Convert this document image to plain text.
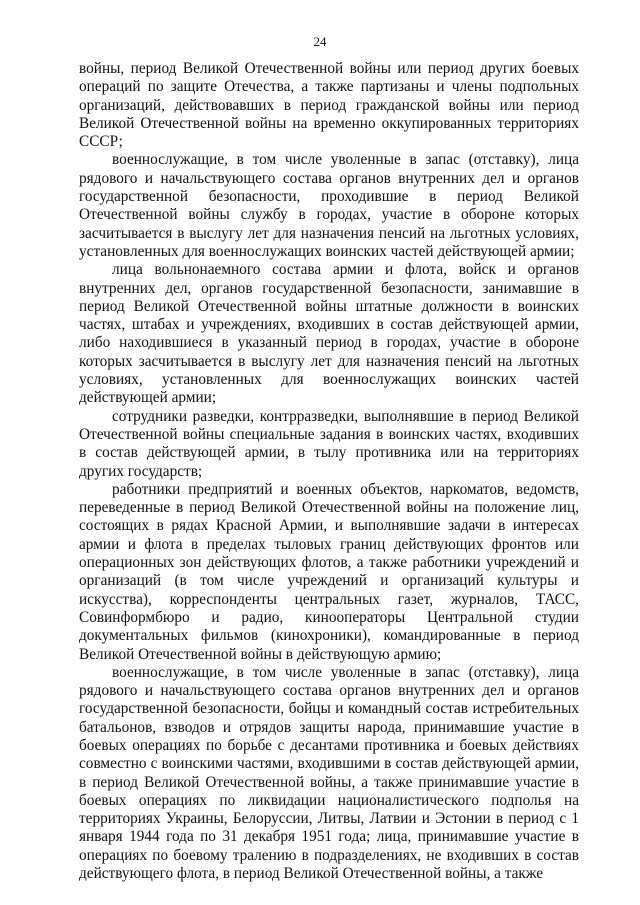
24

войны, период Великой Отечественной войны или период других боевых операций по защите Отечества, а также партизаны и члены подпольных организаций, действовавших в период гражданской войны или период Великой Отечественной войны на временно оккупированных территориях СССР;

военнослужащие, в том числе уволенные в запас (отставку), лица рядового и начальствующего состава органов внутренних дел и органов государственной безопасности, проходившие в период Великой Отечественной войны службу в городах, участие в обороне которых засчитывается в выслугу лет для назначения пенсий на льготных условиях, установленных для военнослужащих воинских частей действующей армии;

лица вольнонаемного состава армии и флота, войск и органов внутренних дел, органов государственной безопасности, занимавшие в период Великой Отечественной войны штатные должности в воинских частях, штабах и учреждениях, входивших в состав действующей армии, либо находившиеся в указанный период в городах, участие в обороне которых засчитывается в выслугу лет для назначения пенсий на льготных условиях, установленных для военнослужащих воинских частей действующей армии;

сотрудники разведки, контрразведки, выполнявшие в период Великой Отечественной войны специальные задания в воинских частях, входивших в состав действующей армии, в тылу противника или на территориях других государств;

работники предприятий и военных объектов, наркоматов, ведомств, переведенные в период Великой Отечественной войны на положение лиц, состоящих в рядах Красной Армии, и выполнявшие задачи в интересах армии и флота в пределах тыловых границ действующих фронтов или операционных зон действующих флотов, а также работники учреждений и организаций (в том числе учреждений и организаций культуры и искусства), корреспонденты центральных газет, журналов, ТАСС, Совинформбюро и радио, кинооператоры Центральной студии документальных фильмов (кинохроники), командированные в период Великой Отечественной войны в действующую армию;

военнослужащие, в том числе уволенные в запас (отставку), лица рядового и начальствующего состава органов внутренних дел и органов государственной безопасности, бойцы и командный состав истребительных батальонов, взводов и отрядов защиты народа, принимавшие участие в боевых операциях по борьбе с десантами противника и боевых действиях совместно с воинскими частями, входившими в состав действующей армии, в период Великой Отечественной войны, а также принимавшие участие в боевых операциях по ликвидации националистического подполья на территориях Украины, Белоруссии, Литвы, Латвии и Эстонии в период с 1 января 1944 года по 31 декабря 1951 года; лица, принимавшие участие в операциях по боевому тралению в подразделениях, не входивших в состав действующего флота, в период Великой Отечественной войны, а также
